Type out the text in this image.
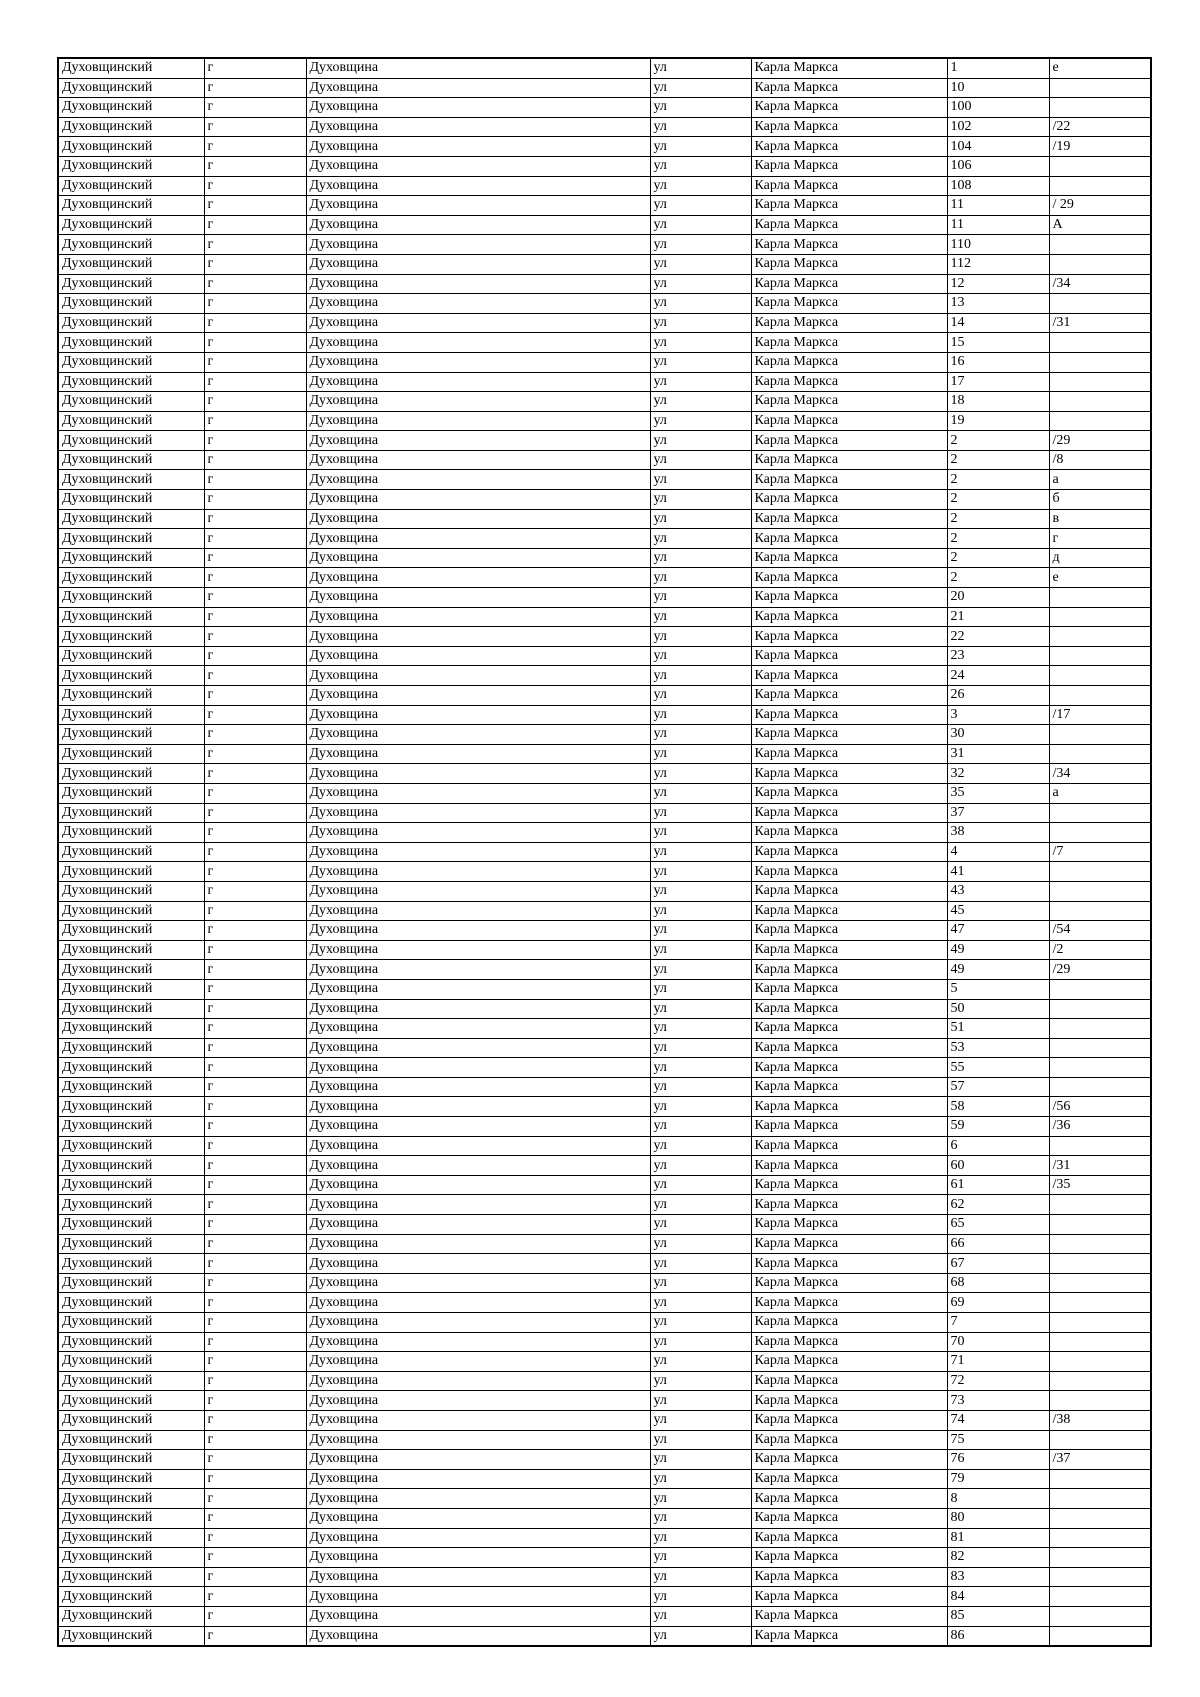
Духовщинский	г	Духовщина	ул	Карла Маркса	1	е
Духовщинский	г	Духовщина	ул	Карла Маркса	10	
Духовщинский	г	Духовщина	ул	Карла Маркса	100	
Духовщинский	г	Духовщина	ул	Карла Маркса	102	/22
Духовщинский	г	Духовщина	ул	Карла Маркса	104	/19
Духовщинский	г	Духовщина	ул	Карла Маркса	106	
Духовщинский	г	Духовщина	ул	Карла Маркса	108	
Духовщинский	г	Духовщина	ул	Карла Маркса	11	/ 29
Духовщинский	г	Духовщина	ул	Карла Маркса	11	А
Духовщинский	г	Духовщина	ул	Карла Маркса	110	
Духовщинский	г	Духовщина	ул	Карла Маркса	112	
Духовщинский	г	Духовщина	ул	Карла Маркса	12	/34
Духовщинский	г	Духовщина	ул	Карла Маркса	13	
Духовщинский	г	Духовщина	ул	Карла Маркса	14	/31
Духовщинский	г	Духовщина	ул	Карла Маркса	15	
Духовщинский	г	Духовщина	ул	Карла Маркса	16	
Духовщинский	г	Духовщина	ул	Карла Маркса	17	
Духовщинский	г	Духовщина	ул	Карла Маркса	18	
Духовщинский	г	Духовщина	ул	Карла Маркса	19	
Духовщинский	г	Духовщина	ул	Карла Маркса	2	/29
Духовщинский	г	Духовщина	ул	Карла Маркса	2	/8
Духовщинский	г	Духовщина	ул	Карла Маркса	2	а
Духовщинский	г	Духовщина	ул	Карла Маркса	2	б
Духовщинский	г	Духовщина	ул	Карла Маркса	2	в
Духовщинский	г	Духовщина	ул	Карла Маркса	2	г
Духовщинский	г	Духовщина	ул	Карла Маркса	2	д
Духовщинский	г	Духовщина	ул	Карла Маркса	2	е
Духовщинский	г	Духовщина	ул	Карла Маркса	20	
Духовщинский	г	Духовщина	ул	Карла Маркса	21	
Духовщинский	г	Духовщина	ул	Карла Маркса	22	
Духовщинский	г	Духовщина	ул	Карла Маркса	23	
Духовщинский	г	Духовщина	ул	Карла Маркса	24	
Духовщинский	г	Духовщина	ул	Карла Маркса	26	
Духовщинский	г	Духовщина	ул	Карла Маркса	3	/17
Духовщинский	г	Духовщина	ул	Карла Маркса	30	
Духовщинский	г	Духовщина	ул	Карла Маркса	31	
Духовщинский	г	Духовщина	ул	Карла Маркса	32	/34
Духовщинский	г	Духовщина	ул	Карла Маркса	35	а
Духовщинский	г	Духовщина	ул	Карла Маркса	37	
Духовщинский	г	Духовщина	ул	Карла Маркса	38	
Духовщинский	г	Духовщина	ул	Карла Маркса	4	/7
Духовщинский	г	Духовщина	ул	Карла Маркса	41	
Духовщинский	г	Духовщина	ул	Карла Маркса	43	
Духовщинский	г	Духовщина	ул	Карла Маркса	45	
Духовщинский	г	Духовщина	ул	Карла Маркса	47	/54
Духовщинский	г	Духовщина	ул	Карла Маркса	49	/2
Духовщинский	г	Духовщина	ул	Карла Маркса	49	/29
Духовщинский	г	Духовщина	ул	Карла Маркса	5	
Духовщинский	г	Духовщина	ул	Карла Маркса	50	
Духовщинский	г	Духовщина	ул	Карла Маркса	51	
Духовщинский	г	Духовщина	ул	Карла Маркса	53	
Духовщинский	г	Духовщина	ул	Карла Маркса	55	
Духовщинский	г	Духовщина	ул	Карла Маркса	57	
Духовщинский	г	Духовщина	ул	Карла Маркса	58	/56
Духовщинский	г	Духовщина	ул	Карла Маркса	59	/36
Духовщинский	г	Духовщина	ул	Карла Маркса	6	
Духовщинский	г	Духовщина	ул	Карла Маркса	60	/31
Духовщинский	г	Духовщина	ул	Карла Маркса	61	/35
Духовщинский	г	Духовщина	ул	Карла Маркса	62	
Духовщинский	г	Духовщина	ул	Карла Маркса	65	
Духовщинский	г	Духовщина	ул	Карла Маркса	66	
Духовщинский	г	Духовщина	ул	Карла Маркса	67	
Духовщинский	г	Духовщина	ул	Карла Маркса	68	
Духовщинский	г	Духовщина	ул	Карла Маркса	69	
Духовщинский	г	Духовщина	ул	Карла Маркса	7	
Духовщинский	г	Духовщина	ул	Карла Маркса	70	
Духовщинский	г	Духовщина	ул	Карла Маркса	71	
Духовщинский	г	Духовщина	ул	Карла Маркса	72	
Духовщинский	г	Духовщина	ул	Карла Маркса	73	
Духовщинский	г	Духовщина	ул	Карла Маркса	74	/38
Духовщинский	г	Духовщина	ул	Карла Маркса	75	
Духовщинский	г	Духовщина	ул	Карла Маркса	76	/37
Духовщинский	г	Духовщина	ул	Карла Маркса	79	
Духовщинский	г	Духовщина	ул	Карла Маркса	8	
Духовщинский	г	Духовщина	ул	Карла Маркса	80	
Духовщинский	г	Духовщина	ул	Карла Маркса	81	
Духовщинский	г	Духовщина	ул	Карла Маркса	82	
Духовщинский	г	Духовщина	ул	Карла Маркса	83	
Духовщинский	г	Духовщина	ул	Карла Маркса	84	
Духовщинский	г	Духовщина	ул	Карла Маркса	85	
Духовщинский	г	Духовщина	ул	Карла Маркса	86	
